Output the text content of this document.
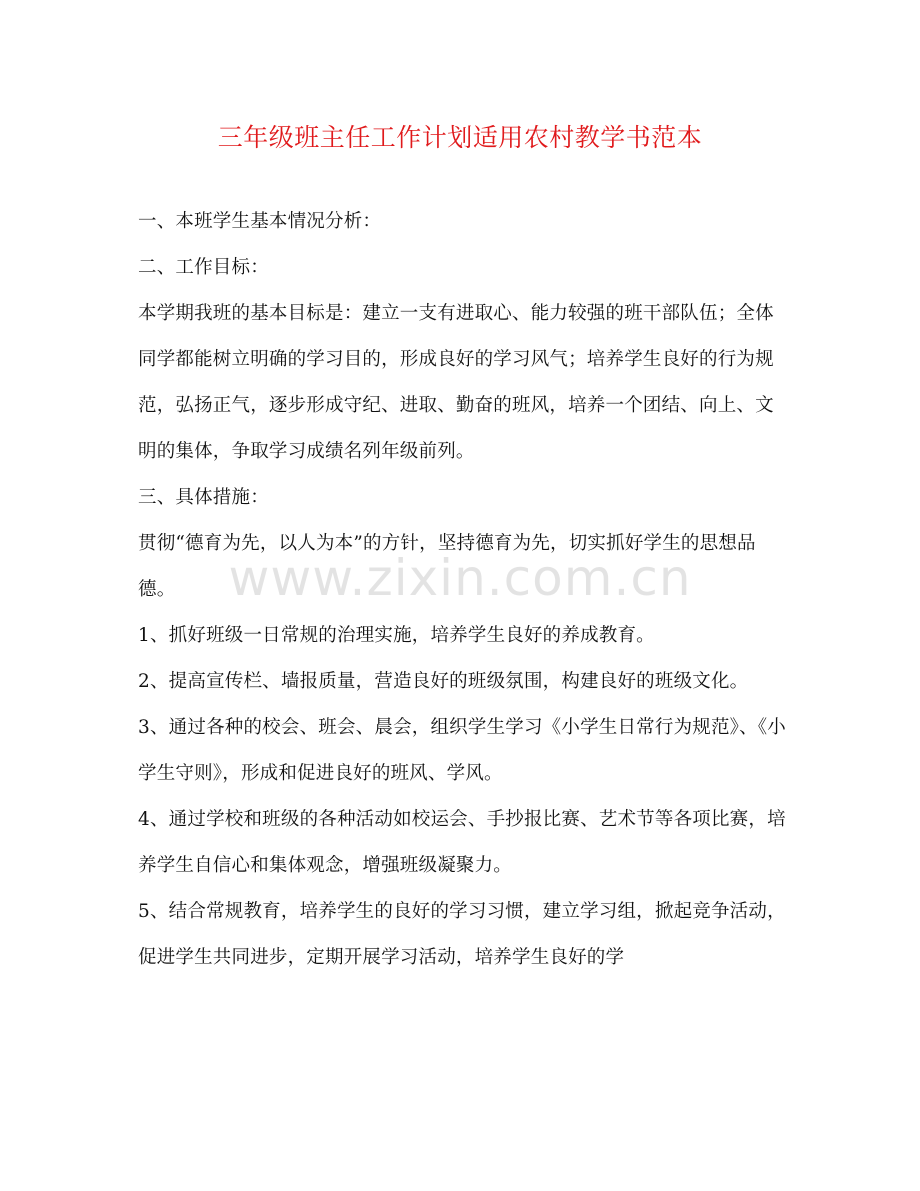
三年级班主任工作计划适用农村教学书范本

一、本班学生基本情况分析：

二、工作目标：

本学期我班的基本目标是：建立一支有进取心、能力较强的班干部队伍；全体同学都能树立明确的学习目的，形成良好的学习风气；培养学生良好的行为规范，弘扬正气，逐步形成守纪、进取、勤奋的班风，培养一个团结、向上、文明的集体，争取学习成绩名列年级前列。

三、具体措施：

贯彻“德育为先，以人为本”的方针，坚持德育为先，切实抓好学生的思想品德。

1、抓好班级一日常规的治理实施，培养学生良好的养成教育。

2、提高宣传栏、墙报质量，营造良好的班级氛围，构建良好的班级文化。

3、通过各种的校会、班会、晨会，组织学生学习《小学生日常行为规范》、《小学生守则》，形成和促进良好的班风、学风。

4、通过学校和班级的各种活动如校运会、手抄报比赛、艺术节等各项比赛，培养学生自信心和集体观念，增强班级凝聚力。

5、结合常规教育，培养学生的良好的学习习惯，建立学习组，掀起竞争活动，促进学生共同进步，定期开展学习活动，培养学生良好的学

www.zixin.com.cn
